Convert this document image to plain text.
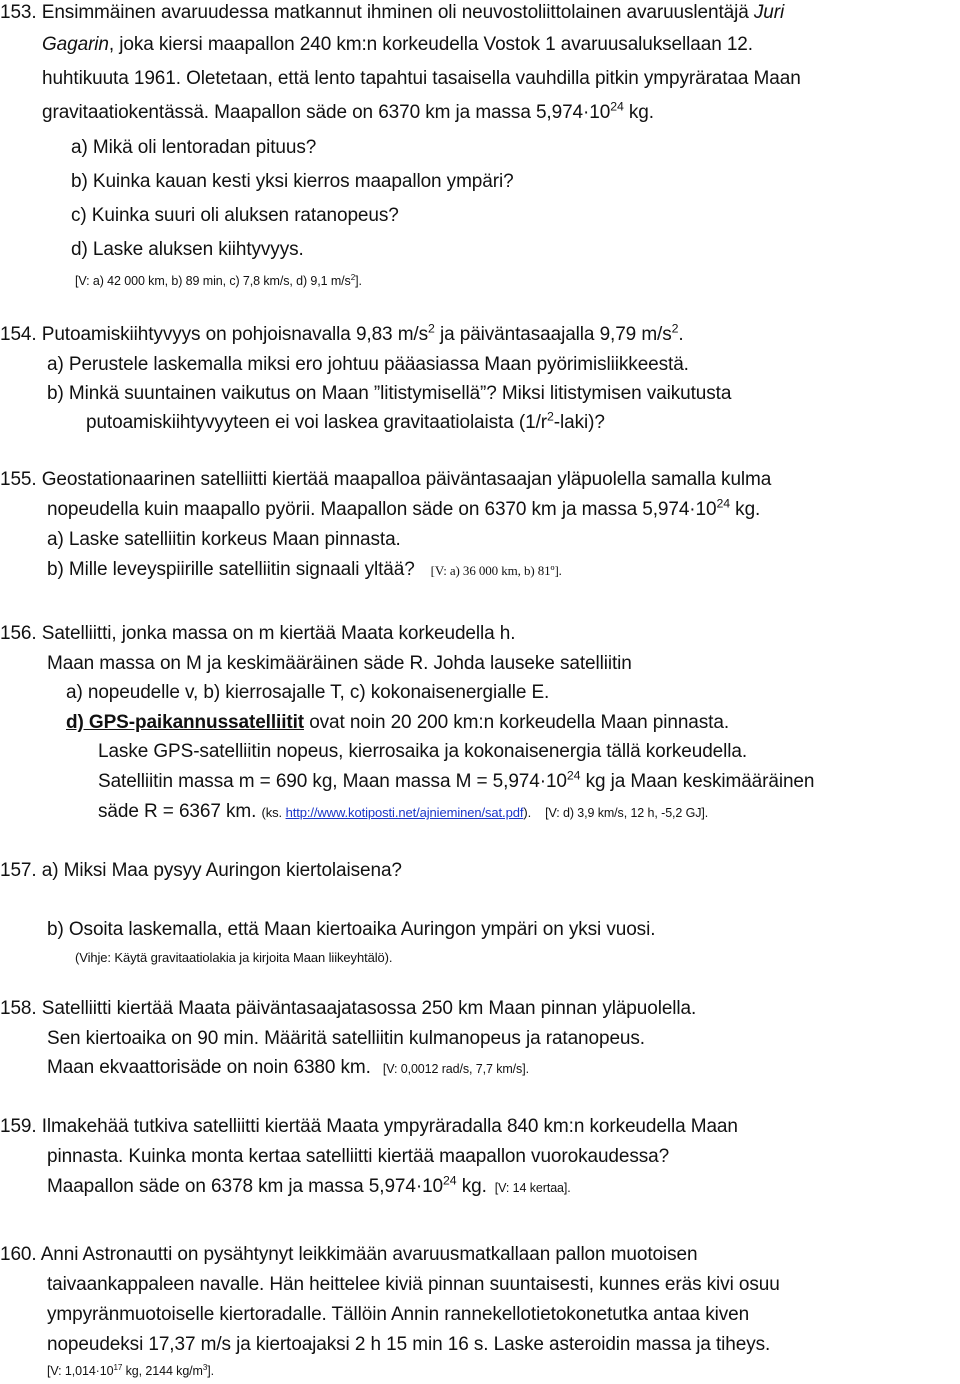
153. Ensimmäinen avaruudessa matkannut ihminen oli neuvostoliittolainen avaruuslentäjä Juri
Gagarin, joka kiersi maapallon 240 km:n korkeudella Vostok 1 avaruusaluksellaan 12.
huhtikuuta 1961. Oletetaan, että lento tapahtui tasaisella vauhdilla pitkin ympyrärataa Maan
gravitaatiokentässä. Maapallon säde on 6370 km ja massa $5,974\cdot 10^{24}$ kg.
a) Mikä oli lentoradan pituus?
b) Kuinka kauan kesti yksi kierros maapallon ympäri?
c) Kuinka suuri oli aluksen ratanopeus?
d) Laske aluksen kiihtyvyys.
[V: a) 42 000 km, b) 89 min, c) 7,8 km/s, d) 9,1 $m/s^2$].
154. Putoamiskiihtyvyys on pohjoisnavalla 9,83 $m/s^2$ ja päiväntasaajalla 9,79 $m/s^2$.
a) Perustele laskemalla miksi ero johtuu pääasiassa Maan pyörimisliikkeestä.
b) Minkä suuntainen vaikutus on Maan ”litistymisellä”? Miksi litistymisen vaikutusta
putoamiskiihtyvyyteen ei voi laskea gravitaatiolaista $(1/r^2-laki)$?
155. Geostationaarinen satelliitti kiertää maapalloa päiväntasaajan yläpuolella samalla kulma
nopeudella kuin maapallo pyörii. Maapallon säde on 6370 km ja massa $5,974\cdot 10^{24}$ kg.
a) Laske satelliitin korkeus Maan pinnasta.
b) Mille leveyspiirille satelliitin signaali yltää? [V: a) 36 000 km, b) 81º].
156. Satelliitti, jonka massa on m kiertää Maata korkeudella h.
Maan massa on M ja keskimääräinen säde R. Johda lauseke satelliitin
a) nopeudelle v, b) kierrosajalle T, c) kokonaisenergialle E.
d) GPS-paikannussatelliitit ovat noin 20 200 km:n korkeudella Maan pinnasta.
Laske GPS-satelliitin nopeus, kierrosaika ja kokonaisenergia tällä korkeudella.
Satelliitin massa m = 690 kg, Maan massa $M = 5,974\cdot 10^{24}$ kg ja Maan keskimääräinen
säde R = 6367 km. (ks. http://www.kotiposti.net/ajnieminen/sat.pdf). [V: d) 3,9 km/s, 12 h, -5,2 GJ].
157. a) Miksi Maa pysyy Auringon kiertolaisena?
b) Osoita laskemalla, että Maan kiertoaika Auringon ympäri on yksi vuosi.
(Vihje: Käytä gravitaatiolakia ja kirjoita Maan liikeyhtälö).
158. Satelliitti kiertää Maata päiväntasaajatasossa 250 km Maan pinnan yläpuolella.
Sen kiertoaika on 90 min. Määritä satelliitin kulmanopeus ja ratanopeus.
Maan ekvaattorisäde on noin 6380 km. [V: 0,0012 rad/s, 7,7 km/s].
159. Ilmakehää tutkiva satelliitti kiertää Maata ympyräradalla 840 km:n korkeudella Maan
pinnasta. Kuinka monta kertaa satelliitti kiertää maapallon vuorokaudessa?
Maapallon säde on 6378 km ja massa $5,974\cdot 10^{24}$ kg. [V: 14 kertaa].
160. Anni Astronautti on pysähtynyt leikkimään avaruusmatkallaan pallon muotoisen
taivaankappaleen navalle. Hän heittelee kiviä pinnan suuntaisesti, kunnes eräs kivi osuu
ympyränmuotoiselle kiertoradalle. Tällöin Annin rannekellotietokonetutka antaa kiven
nopeudeksi 17,37 m/s ja kiertoajaksi 2 h 15 min 16 s. Laske asteroidin massa ja tiheys.
[V: $1,014\cdot 10^{17}$ kg, 2144 $kg/m^3$].
